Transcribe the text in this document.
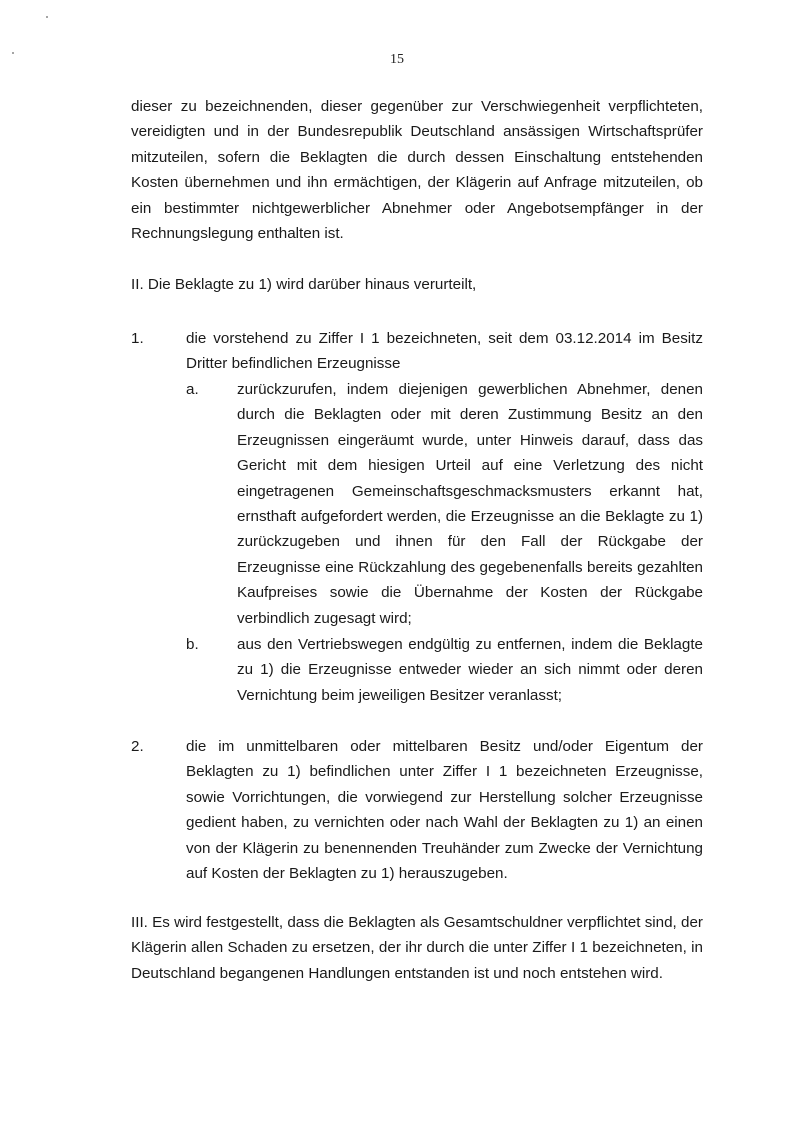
15

dieser zu bezeichnenden, dieser gegenüber zur Verschwiegenheit verpflichteten, vereidigten und in der Bundesrepublik Deutschland ansässigen Wirtschaftsprüfer mitzuteilen, sofern die Beklagten die durch dessen Einschaltung entstehenden Kosten übernehmen und ihn ermächtigen, der Klägerin auf Anfrage mitzuteilen, ob ein bestimmter nichtgewerblicher Abnehmer oder Angebotsempfänger in der Rechnungslegung enthalten ist.

II. Die Beklagte zu 1) wird darüber hinaus verurteilt,

1.	die vorstehend zu Ziffer I 1 bezeichneten, seit dem 03.12.2014 im Besitz Dritter befindlichen Erzeugnisse

a.	zurückzurufen, indem diejenigen gewerblichen Abnehmer, denen durch die Beklagten oder mit deren Zustimmung Besitz an den Erzeugnissen eingeräumt wurde, unter Hinweis darauf, dass das Gericht mit dem hiesigen Urteil auf eine Verletzung des nicht eingetragenen Gemeinschaftsgeschmacksmusters erkannt hat, ernsthaft aufgefordert werden, die Erzeugnisse an die Beklagte zu 1) zurückzugeben und ihnen für den Fall der Rückgabe der Erzeugnisse eine Rückzahlung des gegebenenfalls bereits gezahlten Kaufpreises sowie die Übernahme der Kosten der Rückgabe verbindlich zugesagt wird;

b.	aus den Vertriebswegen endgültig zu entfernen, indem die Beklagte zu 1) die Erzeugnisse entweder wieder an sich nimmt oder deren Vernichtung beim jeweiligen Besitzer veranlasst;

2.	die im unmittelbaren oder mittelbaren Besitz und/oder Eigentum der Beklagten zu 1) befindlichen unter Ziffer I 1 bezeichneten Erzeugnisse, sowie Vorrichtungen, die vorwiegend zur Herstellung solcher Erzeugnisse gedient haben, zu vernichten oder nach Wahl der Beklagten zu 1) an einen von der Klägerin zu benennenden Treuhänder zum Zwecke der Vernichtung auf Kosten der Beklagten zu 1) herauszugeben.

III. Es wird festgestellt, dass die Beklagten als Gesamtschuldner verpflichtet sind, der Klägerin allen Schaden zu ersetzen, der ihr durch die unter Ziffer I 1 bezeichneten, in Deutschland begangenen Handlungen entstanden ist und noch entstehen wird.
